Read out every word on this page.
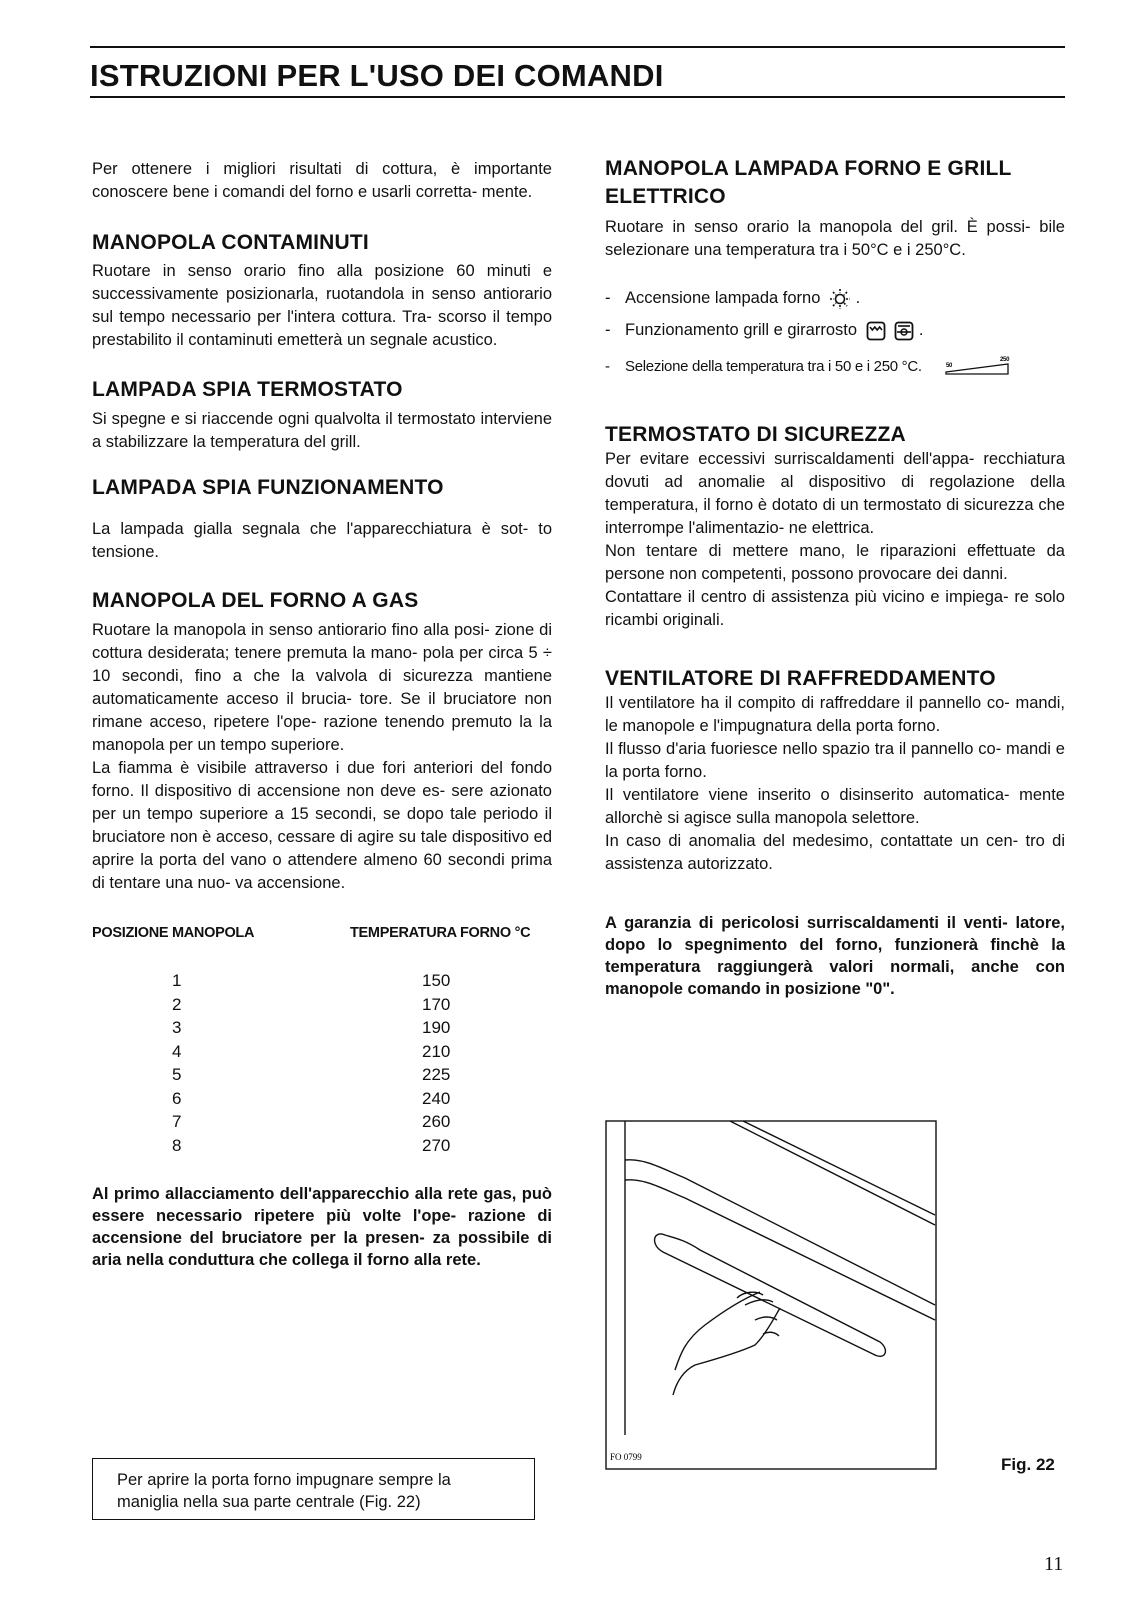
ISTRUZIONI PER L'USO DEI COMANDI

Per ottenere i migliori risultati di cottura, è importante conoscere bene i comandi del forno e usarli corretta- mente.

MANOPOLA CONTAMINUTI

Ruotare in senso orario fino alla posizione 60 minuti e successivamente posizionarla, ruotandola in senso antiorario sul tempo necessario per l'intera cottura. Tra- scorso il tempo prestabilito il contaminuti emetterà un segnale acustico.

LAMPADA SPIA TERMOSTATO

Si spegne e si riaccende ogni qualvolta il termostato interviene a stabilizzare la temperatura del grill.

LAMPADA SPIA FUNZIONAMENTO

La lampada gialla segnala che l'apparecchiatura è sot- to tensione.

MANOPOLA DEL FORNO A GAS

Ruotare la manopola in senso antiorario fino alla posi- zione di cottura desiderata; tenere premuta la mano- pola per circa 5 ÷ 10 secondi, fino a che la valvola di sicurezza mantiene automaticamente acceso il brucia- tore. Se il bruciatore non rimane acceso, ripetere l'ope- razione tenendo premuto la la manopola per un tempo superiore.

La fiamma è visibile attraverso i due fori anteriori del fondo forno. Il dispositivo di accensione non deve es- sere azionato per un tempo superiore a 15 secondi, se dopo tale periodo il bruciatore non è acceso, cessare di agire su tale dispositivo ed aprire la porta del vano o attendere almeno 60 secondi prima di tentare una nuo- va accensione.

POSIZIONE MANOPOLA	TEMPERATURA FORNO °C
1	150
2	170
3	190
4	210
5	225
6	240
7	260
8	270

Al primo allacciamento dell'apparecchio alla rete gas, può essere necessario ripetere più volte l'ope- razione di accensione del bruciatore per la presen- za possibile di aria nella conduttura che collega il forno alla rete.

Per aprire la porta forno impugnare sempre la maniglia nella sua parte centrale (Fig. 22)

MANOPOLA LAMPADA FORNO E GRILL ELETTRICO

Ruotare in senso orario la manopola del gril. È possi- bile selezionare una temperatura tra i 50°C e i 250°C.

- Accensione lampada forno .
- Funzionamento grill e girarrosto	.
- Selezione della temperatura tra i 50 e i 250 °C.	50
250
TERMOSTATO DI SICUREZZA

Per evitare eccessivi surriscaldamenti dell'appa- recchiatura dovuti ad anomalie al dispositivo di regolazione della temperatura, il forno è dotato di un termostato di sicurezza che interrompe l'alimentazio- ne elettrica.

Non tentare di mettere mano, le riparazioni effettuate da persone non competenti, possono provocare dei danni.

Contattare il centro di assistenza più vicino e impiega- re solo ricambi originali.

VENTILATORE DI RAFFREDDAMENTO

Il ventilatore ha il compito di raffreddare il pannello co- mandi, le manopole e l'impugnatura della porta forno.

Il flusso d'aria fuoriesce nello spazio tra il pannello co- mandi e la porta forno.

Il ventilatore viene inserito o disinserito automatica- mente allorchè si agisce sulla manopola selettore.

In caso di anomalia del medesimo, contattate un cen- tro di assistenza autorizzato.

A garanzia di pericolosi surriscaldamenti il venti- latore, dopo lo spegnimento del forno, funzionerà finchè la temperatura raggiungerà valori normali, anche con manopole comando in posizione "0".

FO 0799	Fig. 22
11
